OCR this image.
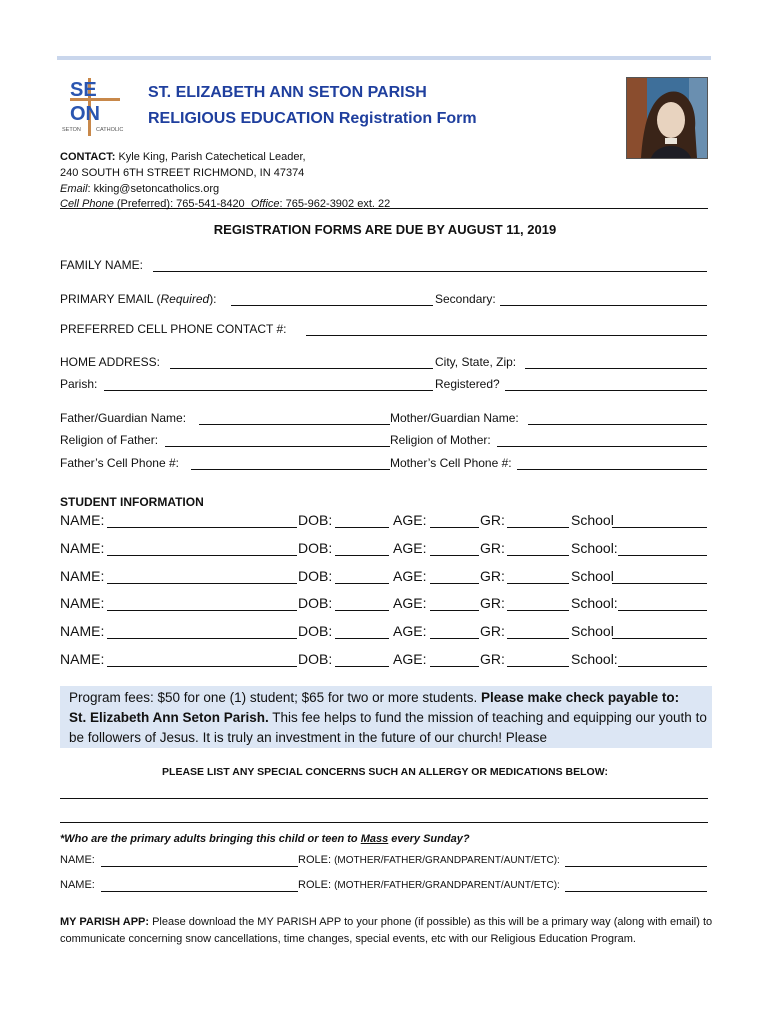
SE
ON
SETON	CATHOLIC
ST. ELIZABETH ANN SETON PARISH
RELIGIOUS EDUCATION Registration Form
CONTACT: Kyle King, Parish Catechetical Leader,
240 SOUTH 6TH STREET RICHMOND, IN 47374
Email: kking@setoncatholics.org
Cell Phone (Preferred): 765-541-8420 Office: 765-962-3902 ext. 22
REGISTRATION FORMS ARE DUE BY AUGUST 11, 2019
FAMILY NAME:
PRIMARY EMAIL (Required):	Secondary:
PREFERRED CELL PHONE CONTACT #:
HOME ADDRESS:	City, State, Zip:
Parish:	Registered?
Father/Guardian Name:	Mother/Guardian Name:
Religion of Father:	Religion of Mother:
Father’s Cell Phone #:	Mother’s Cell Phone #:
STUDENT INFORMATION
NAME:	DOB:	AGE:	GR:	School
NAME:	DOB:	AGE:	GR:	School:
NAME:	DOB:	AGE:	GR:	School
NAME:	DOB:	AGE:	GR:	School:
NAME:	DOB:	AGE:	GR:	School
NAME:	DOB:	AGE:	GR:	School:
Program fees: $50 for one (1) student; $65 for two or more students. Please make check payable to:
St. Elizabeth Ann Seton Parish. This fee helps to fund the mission of teaching and equipping our youth to be followers of Jesus. It is truly an investment in the future of our church! Please
PLEASE LIST ANY SPECIAL CONCERNS SUCH AN ALLERGY OR MEDICATIONS BELOW:
*Who are the primary adults bringing this child or teen to Mass every Sunday?
NAME:	ROLE: (MOTHER/FATHER/GRANDPARENT/AUNT/ETC):
NAME:	ROLE: (MOTHER/FATHER/GRANDPARENT/AUNT/ETC):
MY PARISH APP: Please download the MY PARISH APP to your phone (if possible) as this will be a primary way (along with email) to communicate concerning snow cancellations, time changes, special events, etc with our Religious Education Program.
